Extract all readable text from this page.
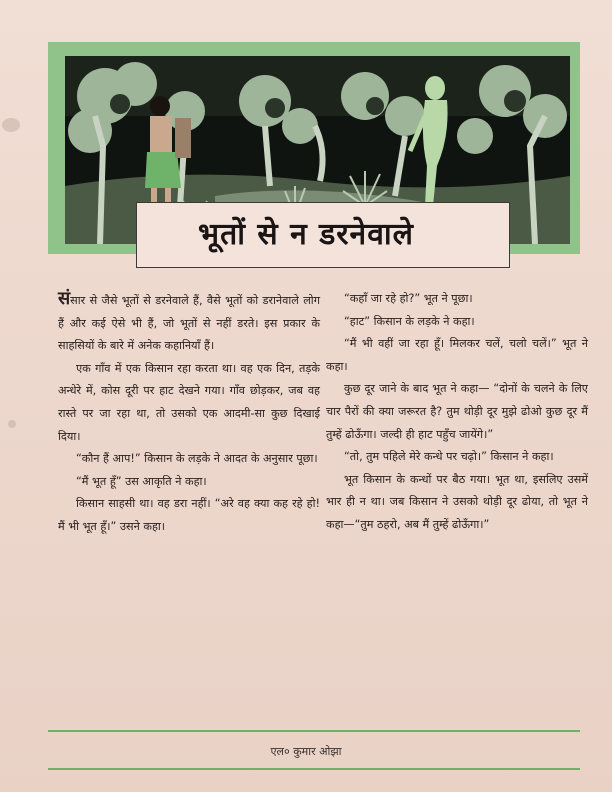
भूतों से न डरनेवाले

संसार से जैसे भूतों से डरनेवाले हैं, वैसे भूतों को डरानेवाले लोग हैं और कई ऐसे भी हैं, जो भूतों से नहीं डरते। इस प्रकार के साहसियों के बारे में अनेक कहानियाँ हैं।

एक गाँव में एक किसान रहा करता था। वह एक दिन, तड़के अन्धेरे में, कोस दूरी पर हाट देखने गया। गाँव छोड़कर, जब वह रास्ते पर जा रहा था, तो उसको एक आदमी-सा कुछ दिखाई दिया।

“कौन हैं आप!” किसान के लड़के ने आदत के अनुसार पूछा।

“मैं भूत हूँ” उस आकृति ने कहा।

किसान साहसी था। वह डरा नहीं। “अरे वह क्या कह रहे हो! मैं भी भूत हूँ।” उसने कहा।

“कहाँ जा रहे हो?” भूत ने पूछा।

“हाट” किसान के लड़के ने कहा।

“मैं भी वहीं जा रहा हूँ। मिलकर चलें, चलो चलें।” भूत ने कहा।

कुछ दूर जाने के बाद भूत ने कहा— “दोनों के चलने के लिए चार पैरों की क्या जरूरत है? तुम थोड़ी दूर मुझे ढोओ कुछ दूर मैं तुम्हें ढोऊँगा। जल्दी ही हाट पहुँच जायेंगे।”

“तो, तुम पहिले मेरे कन्धे पर चढ़ो।” किसान ने कहा।

भूत किसान के कन्धों पर बैठ गया। भूत था, इसलिए उसमें भार ही न था। जब किसान ने उसको थोड़ी दूर ढोया, तो भूत ने कहा—“तुम ठहरो, अब मैं तुम्हें ढोऊँगा।”

एल० कुमार ओझा
